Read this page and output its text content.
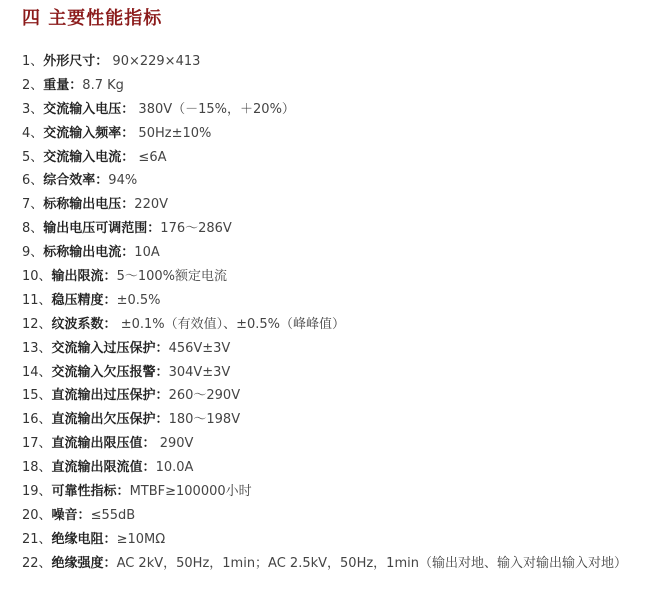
四 主要性能指标
1、外形尺寸： 90×229×413
2、重量：8.7 Kg
3、交流输入电压： 380V（－15%，＋20%）
4、交流输入频率： 50Hz±10%
5、交流输入电流： ≤6A
6、综合效率：94%
7、标称输出电压：220V
8、输出电压可调范围：176～286V
9、标称输出电流：10A
10、输出限流：5～100%额定电流
11、稳压精度：±0.5%
12、纹波系数： ±0.1%（有效值）、±0.5%（峰峰值）
13、交流输入过压保护：456V±3V
14、交流输入欠压报警：304V±3V
15、直流输出过压保护：260～290V
16、直流输出欠压保护：180～198V
17、直流输出限压值： 290V
18、直流输出限流值：10.0A
19、可靠性指标：MTBF≥100000小时
20、噪音：≤55dB
21、绝缘电阻：≥10MΩ
22、绝缘强度：AC 2kV，50Hz，1min；AC 2.5kV，50Hz，1min（输出对地、输入对输出输入对地）
